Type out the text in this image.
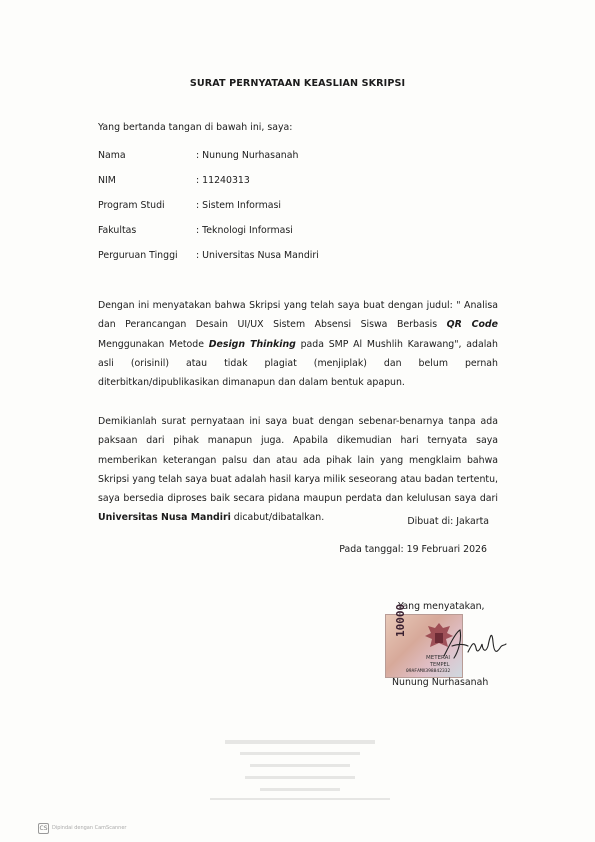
SURAT PERNYATAAN KEASLIAN SKRIPSI
Yang bertanda tangan di bawah ini, saya:
Nama	: Nunung Nurhasanah
NIM	: 11240313
Program Studi	: Sistem Informasi
Fakultas	: Teknologi Informasi
Perguruan Tinggi : Universitas Nusa Mandiri
Dengan ini menyatakan bahwa Skripsi yang telah saya buat dengan judul: " Analisa dan Perancangan Desain UI/UX Sistem Absensi Siswa Berbasis QR Code Menggunakan Metode Design Thinking pada SMP Al Mushlih Karawang", adalah asli (orisinil) atau tidak plagiat (menjiplak) dan belum pernah diterbitkan/dipublikasikan dimanapun dan dalam bentuk apapun.
Demikianlah surat pernyataan ini saya buat dengan sebenar-benarnya tanpa ada paksaan dari pihak manapun juga. Apabila dikemudian hari ternyata saya memberikan keterangan palsu dan atau ada pihak lain yang mengklaim bahwa Skripsi yang telah saya buat adalah hasil karya milik seseorang atau badan tertentu, saya bersedia diproses baik secara pidana maupun perdata dan kelulusan saya dari Universitas Nusa Mandiri dicabut/dibatalkan.	Dibuat di: Jakarta
Pada tanggal: 19 Februari 2026
Yang menyatakan,
10000
METERAI
TEMPEL
09AFAMX398842332
Nunung Nurhasanah
CS Dipindai dengan CamScanner
